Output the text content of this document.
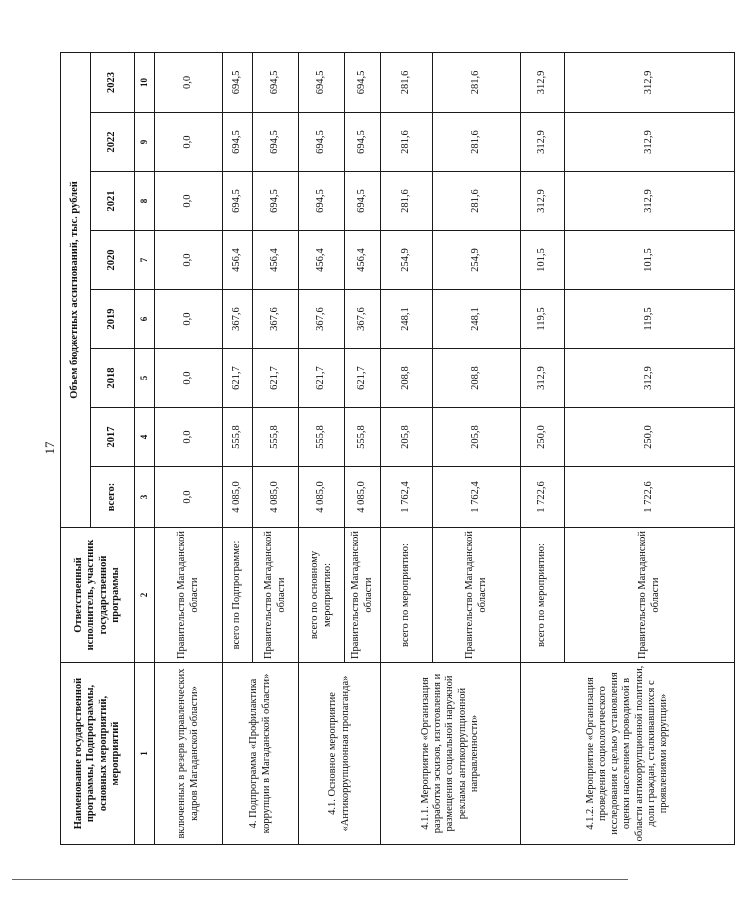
17
Наименование государственной программы, Подпрограммы, основных мероприятий, мероприятий	Ответственный исполнитель, участник государственной программы	Объем бюджетных ассигнований, тыс. рублей							
		всего:	2017	2018	2019	2020	2021	2022	2023
1	2	3	4	5	6	7	8	9	10
включенных в резерв управленческих кадров Магаданской области»	Правительство Магаданской области	0,0	0,0	0,0	0,0	0,0	0,0	0,0	0,0
4. Подпрограмма «Профилактика коррупции в Магаданской области»	всего по Подпрограмме:	4 085,0	555,8	621,7	367,6	456,4	694,5	694,5	694,5
	Правительство Магаданской области	4 085,0	555,8	621,7	367,6	456,4	694,5	694,5	694,5
4.1. Основное мероприятие «Антикоррупционная пропаганда»	всего по основному мероприятию:	4 085,0	555,8	621,7	367,6	456,4	694,5	694,5	694,5
	Правительство Магаданской области	4 085,0	555,8	621,7	367,6	456,4	694,5	694,5	694,5
4.1.1. Мероприятие «Организация разработки эскизов, изготовления и размещения социальной наружной рекламы антикоррупционной направленности»	всего по мероприятию:	1 762,4	205,8	208,8	248,1	254,9	281,6	281,6	281,6
	Правительство Магаданской области	1 762,4	205,8	208,8	248,1	254,9	281,6	281,6	281,6
4.1.2. Мероприятие «Организация проведения социологического исследования с целью установления оценки населением проводимой в области антикоррупционной политики, доли граждан, сталкивавшихся с проявлениями коррупции»	всего по мероприятию:	1 722,6	250,0	312,9	119,5	101,5	312,9	312,9	312,9
	Правительство Магаданской области	1 722,6	250,0	312,9	119,5	101,5	312,9	312,9	312,9
